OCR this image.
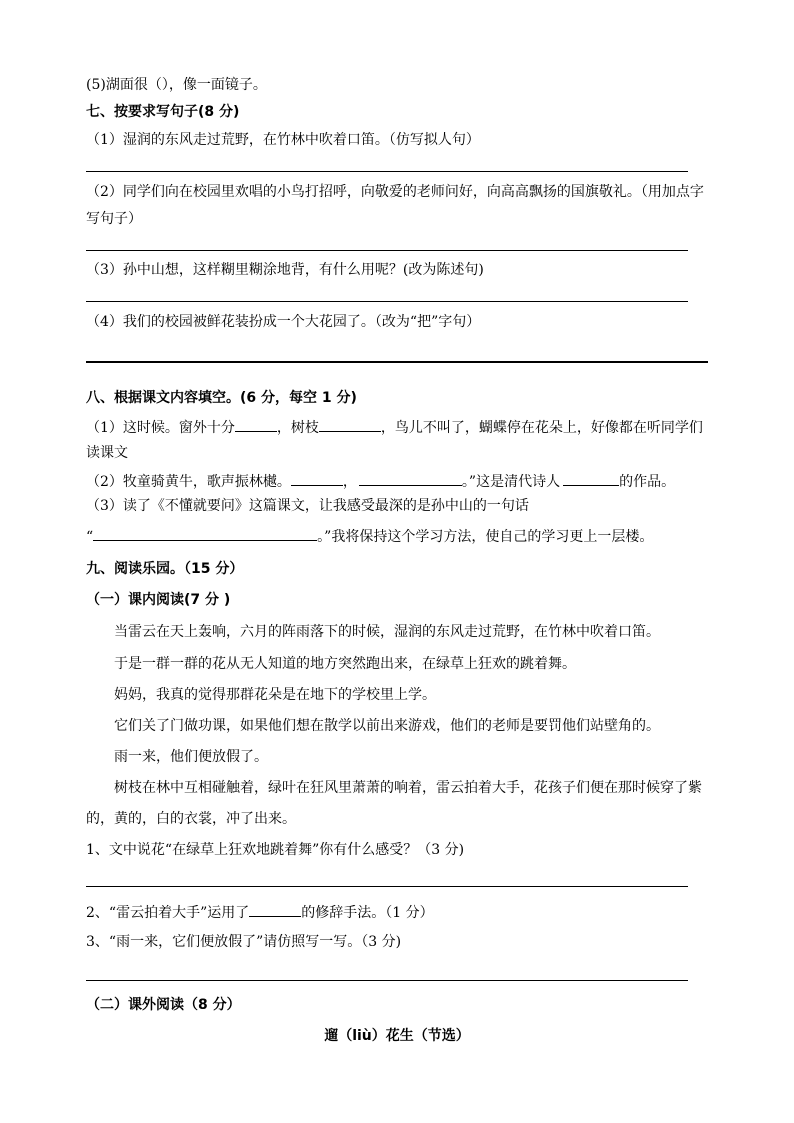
(5)湖面很（），像一面镜子。
七、按要求写句子(8 分)
（1）湿润的东风走过荒野，在竹林中吹着口笛。（仿写拟人句）
（2）同学们向在校园里欢唱的小鸟打招呼，向敬爱的老师问好，向高高飘扬的国旗敬礼。（用加点字
写句子）
（3）孙中山想，这样糊里糊涂地背，有什么用呢？(改为陈述句)
（4）我们的校园被鲜花装扮成一个大花园了。（改为“把”字句）
八、根据课文内容填空。(6 分，每空 1 分)
（1）这时候。窗外十分	，树枝	，鸟儿不叫了，蝴蝶停在花朵上，好像都在听同学们
读课文
（2）牧童骑黄牛，歌声振林樾。	，	。”这是清代诗人	的作品。
（3）读了《不懂就要问》这篇课文，让我感受最深的是孙中山的一句话
“	。”我将保持这个学习方法，使自己的学习更上一层楼。
九、阅读乐园。（15 分）
（一）课内阅读(7 分 )
当雷云在天上轰响，六月的阵雨落下的时候，湿润的东风走过荒野，在竹林中吹着口笛。
于是一群一群的花从无人知道的地方突然跑出来，在绿草上狂欢的跳着舞。
妈妈，我真的觉得那群花朵是在地下的学校里上学。
它们关了门做功课，如果他们想在散学以前出来游戏，他们的老师是要罚他们站壁角的。
雨一来，他们便放假了。
树枝在林中互相碰触着，绿叶在狂风里萧萧的响着，雷云拍着大手，花孩子们便在那时候穿了紫
的，黄的，白的衣裳，冲了出来。
1、文中说花“在绿草上狂欢地跳着舞”你有什么感受？（3 分)
2、“雷云拍着大手”运用了	的修辞手法。（1 分）
3、“雨一来，它们便放假了”请仿照写一写。（3 分)
（二）课外阅读（8 分）
遛（liù）花生（节选）
